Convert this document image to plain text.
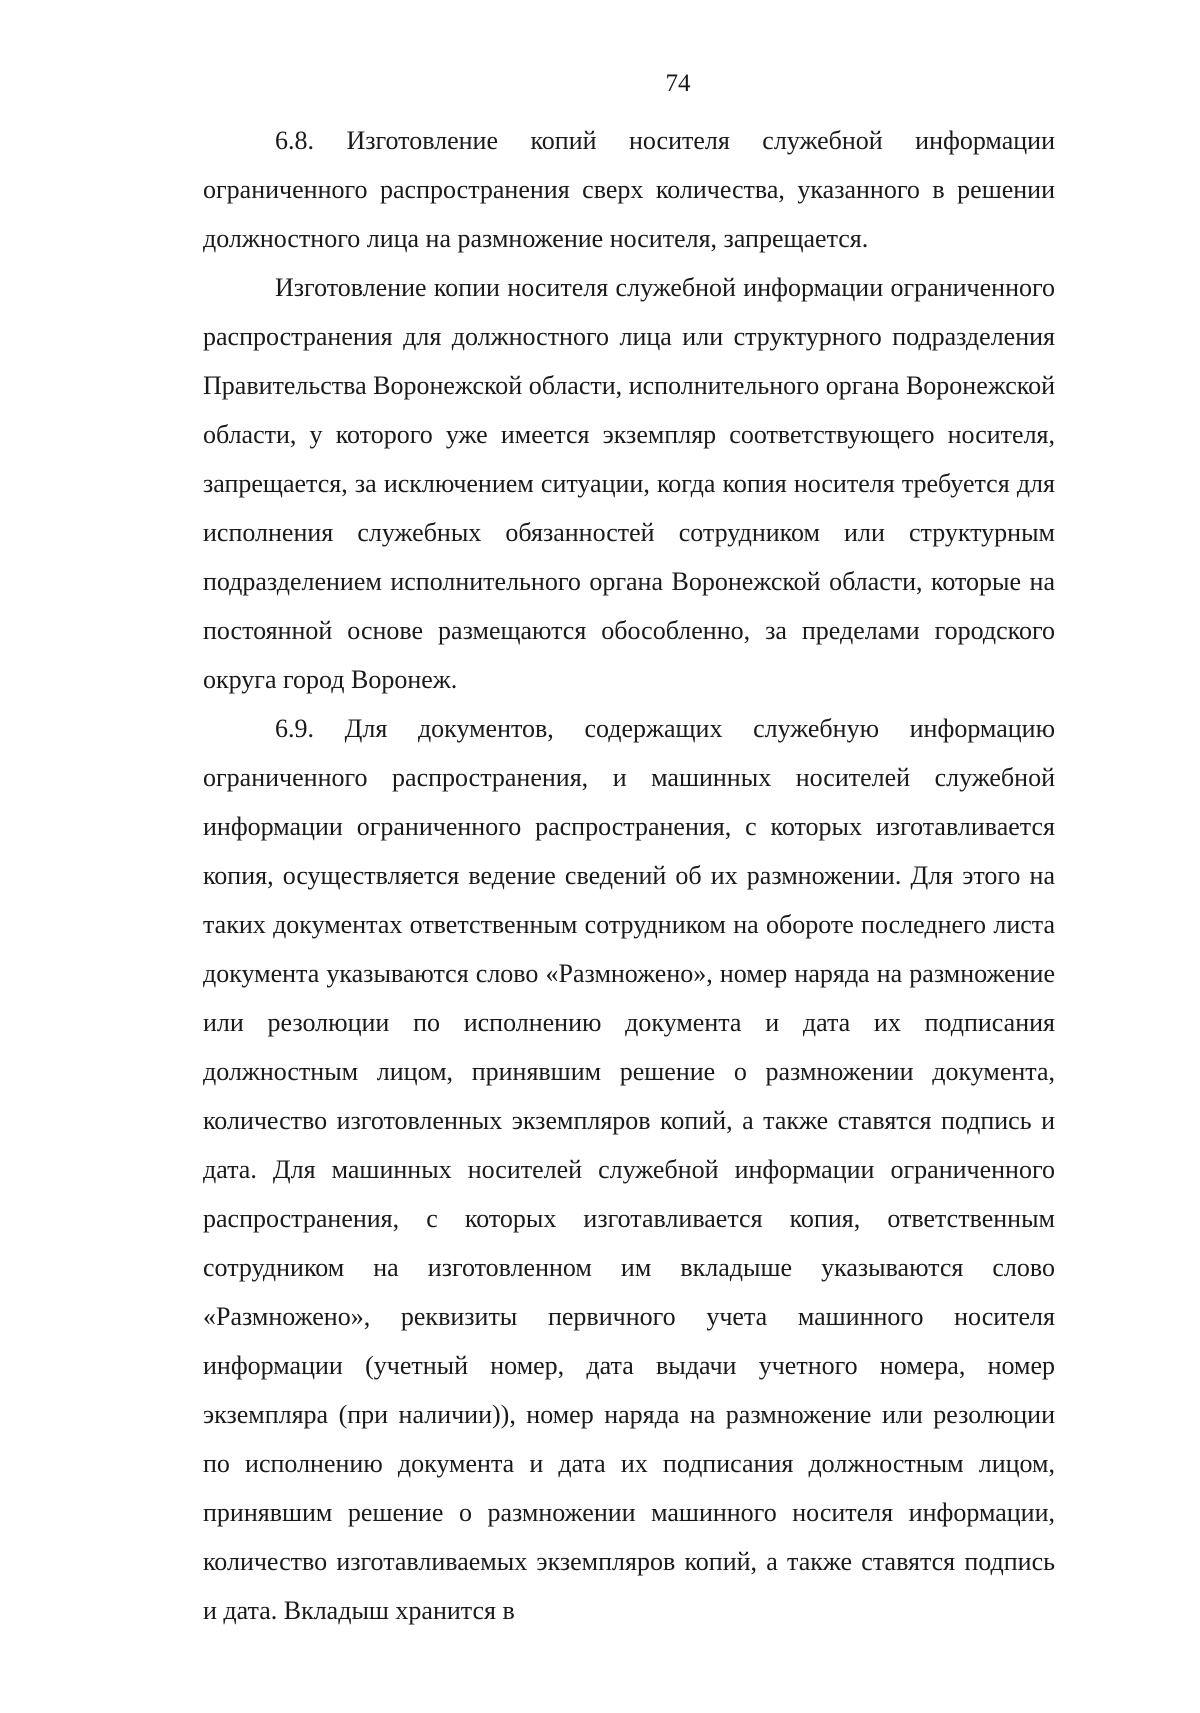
74

6.8. Изготовление копий носителя служебной информации ограниченного распространения сверх количества, указанного в решении должностного лица на размножение носителя, запрещается.

Изготовление копии носителя служебной информации ограниченного распространения для должностного лица или структурного подразделения Правительства Воронежской области, исполнительного органа Воронежской области, у которого уже имеется экземпляр соответствующего носителя, запрещается, за исключением ситуации, когда копия носителя требуется для исполнения служебных обязанностей сотрудником или структурным подразделением исполнительного органа Воронежской области, которые на постоянной основе размещаются обособленно, за пределами городского округа город Воронеж.

6.9. Для документов, содержащих служебную информацию ограниченного распространения, и машинных носителей служебной информации ограниченного распространения, с которых изготавливается копия, осуществляется ведение сведений об их размножении. Для этого на таких документах ответственным сотрудником на обороте последнего листа документа указываются слово «Размножено», номер наряда на размножение или резолюции по исполнению документа и дата их подписания должностным лицом, принявшим решение о размножении документа, количество изготовленных экземпляров копий, а также ставятся подпись и дата. Для машинных носителей служебной информации ограниченного распространения, с которых изготавливается копия, ответственным сотрудником на изготовленном им вкладыше указываются слово «Размножено», реквизиты первичного учета машинного носителя информации (учетный номер, дата выдачи учетного номера, номер экземпляра (при наличии)), номер наряда на размножение или резолюции по исполнению документа и дата их подписания должностным лицом, принявшим решение о размножении машинного носителя информации, количество изготавливаемых экземпляров копий, а также ставятся подпись и дата. Вкладыш хранится в
